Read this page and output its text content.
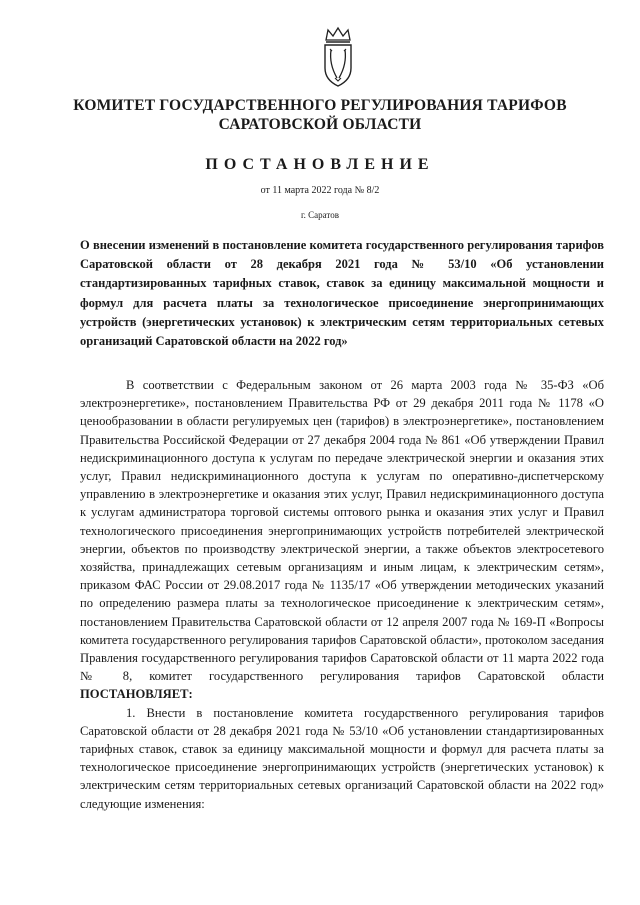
КОМИТЕТ ГОСУДАРСТВЕННОГО РЕГУЛИРОВАНИЯ ТАРИФОВ
САРАТОВСКОЙ ОБЛАСТИ
ПОСТАНОВЛЕНИЕ
от 11 марта 2022 года № 8/2
г. Саратов
О внесении изменений в постановление комитета государственного регулирования тарифов Саратовской области от 28 декабря 2021 года № 53/10 «Об установлении стандартизированных тарифных ставок, ставок за единицу максимальной мощности и формул для расчета платы за технологическое присоединение энергопринимающих устройств (энергетических установок) к электрическим сетям территориальных сетевых организаций Саратовской области на 2022 год»

В соответствии с Федеральным законом от 26 марта 2003 года № 35-ФЗ «Об электроэнергетике», постановлением Правительства РФ от 29 декабря 2011 года № 1178 «О ценообразовании в области регулируемых цен (тарифов) в электроэнергетике», постановлением Правительства Российской Федерации от 27 декабря 2004 года № 861 «Об утверждении Правил недискриминационного доступа к услугам по передаче электрической энергии и оказания этих услуг, Правил недискриминационного доступа к услугам по оперативно-диспетчерскому управлению в электроэнергетике и оказания этих услуг, Правил недискриминационного доступа к услугам администратора торговой системы оптового рынка и оказания этих услуг и Правил технологического присоединения энергопринимающих устройств потребителей электрической энергии, объектов по производству электрической энергии, а также объектов электросетевого хозяйства, принадлежащих сетевым организациям и иным лицам, к электрическим сетям», приказом ФАС России от 29.08.2017 года № 1135/17 «Об утверждении методических указаний по определению размера платы за технологическое присоединение к электрическим сетям», постановлением Правительства Саратовской области от 12 апреля 2007 года № 169-П «Вопросы комитета государственного регулирования тарифов Саратовской области», протоколом заседания Правления государственного регулирования тарифов Саратовской области от 11 марта 2022 года № 8, комитет государственного регулирования тарифов Саратовской области ПОСТАНОВЛЯЕТ:

1. Внести в постановление комитета государственного регулирования тарифов Саратовской области от 28 декабря 2021 года № 53/10 «Об установлении стандартизированных тарифных ставок, ставок за единицу максимальной мощности и формул для расчета платы за технологическое присоединение энергопринимающих устройств (энергетических установок) к электрическим сетям территориальных сетевых организаций Саратовской области на 2022 год» следующие изменения:
